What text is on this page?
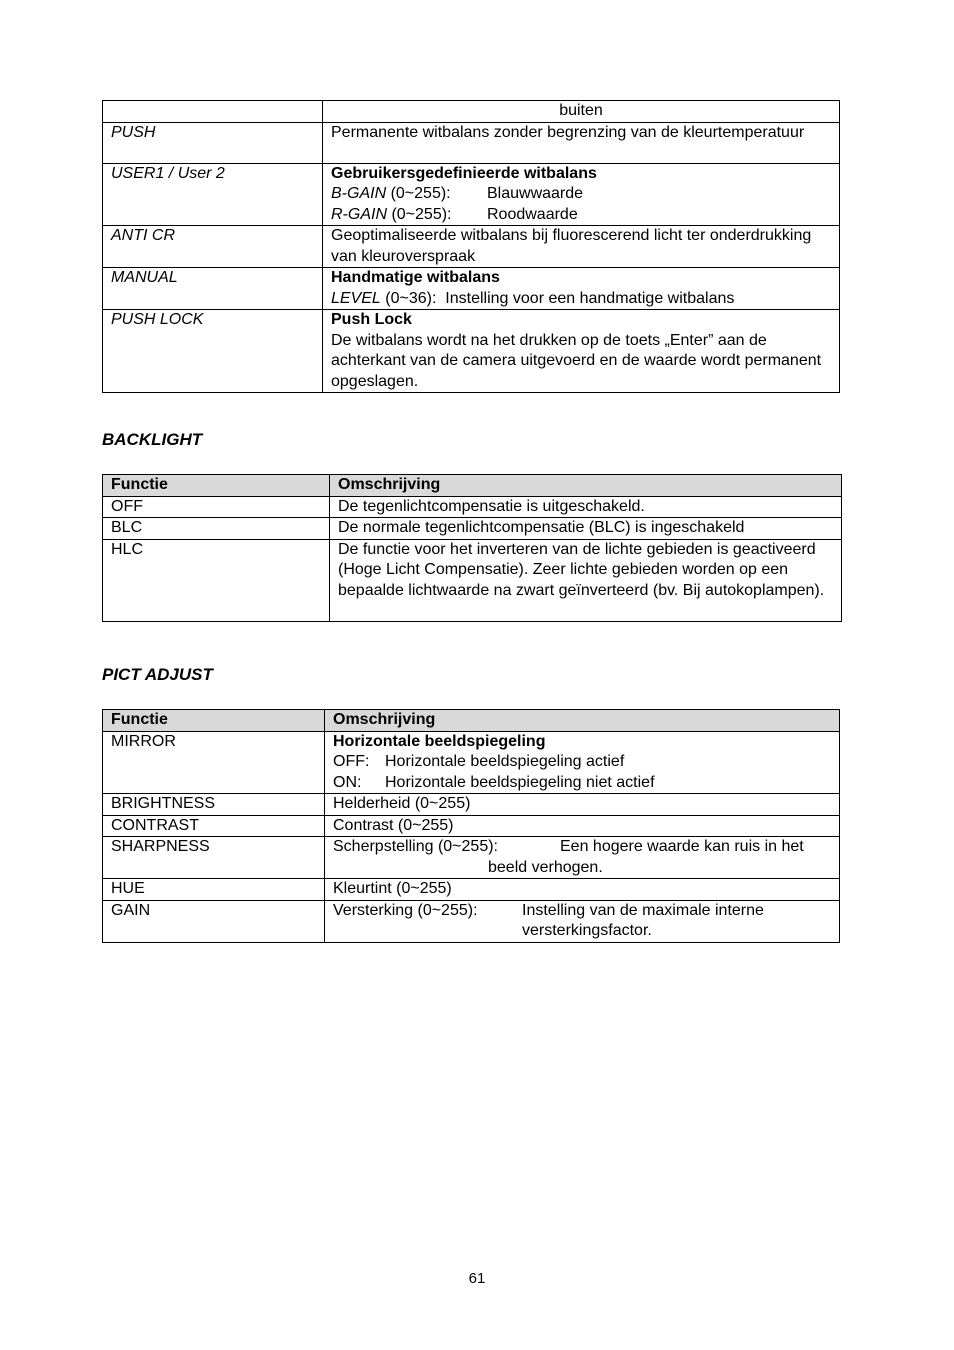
	buiten
PUSH	Permanente witbalans zonder begrenzing van de kleurtemperatuur
USER1 / User 2	Gebruikersgedefinieerde witbalans
B-GAIN (0~255): Blauwwaarde
R-GAIN (0~255): Roodwaarde

ANTI CR	Geoptimaliseerde witbalans bij fluorescerend licht ter onderdrukking van kleuroverspraak
MANUAL	Handmatige witbalans
LEVEL (0~36): Instelling voor een handmatige witbalans

PUSH LOCK	Push Lock
De witbalans wordt na het drukken op de toets „Enter” aan de achterkant van de camera uitgevoerd en de waarde wordt permanent opgeslagen.
BACKLIGHT
Functie	Omschrijving
OFF	De tegenlichtcompensatie is uitgeschakeld.
BLC	De normale tegenlichtcompensatie (BLC) is ingeschakeld
HLC	De functie voor het inverteren van de lichte gebieden is geactiveerd (Hoge Licht Compensatie). Zeer lichte gebieden worden op een bepaalde lichtwaarde na zwart geïnverteerd (bv. Bij autokoplampen).
PICT ADJUST
Functie	Omschrijving
MIRROR	Horizontale beeldspiegeling
OFF: Horizontale beeldspiegeling actief
ON: Horizontale beeldspiegeling niet actief

BRIGHTNESS	Helderheid (0~255)
CONTRAST	Contrast (0~255)
SHARPNESS	Scherpstelling (0~255): Een hogere waarde kan ruis in het
beeld verhogen.

HUE	Kleurtint (0~255)
GAIN	Versterking (0~255): Instelling van de maximale interne
versterkingsfactor.
61
